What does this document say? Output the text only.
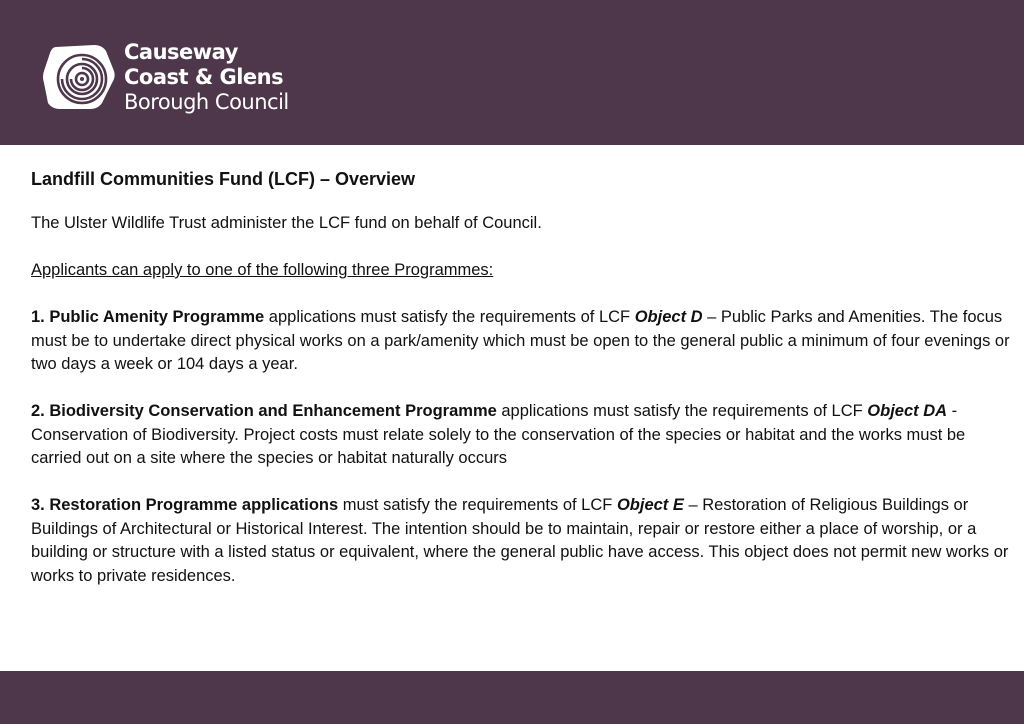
Causeway
Coast & Glens
Borough Council

Landfill Communities Fund (LCF) – Overview

The Ulster Wildlife Trust administer the LCF fund on behalf of Council.

Applicants can apply to one of the following three Programmes:

1. Public Amenity Programme applications must satisfy the requirements of LCF Object D – Public Parks and Amenities. The focus must be to undertake direct physical works on a park/amenity which must be open to the general public a minimum of four evenings or two days a week or 104 days a year.

2. Biodiversity Conservation and Enhancement Programme applications must satisfy the requirements of LCF Object DA - Conservation of Biodiversity. Project costs must relate solely to the conservation of the species or habitat and the works must be carried out on a site where the species or habitat naturally occurs

3. Restoration Programme applications must satisfy the requirements of LCF Object E – Restoration of Religious Buildings or Buildings of Architectural or Historical Interest. The intention should be to maintain, repair or restore either a place of worship, or a building or structure with a listed status or equivalent, where the general public have access. This object does not permit new works or works to private residences.
